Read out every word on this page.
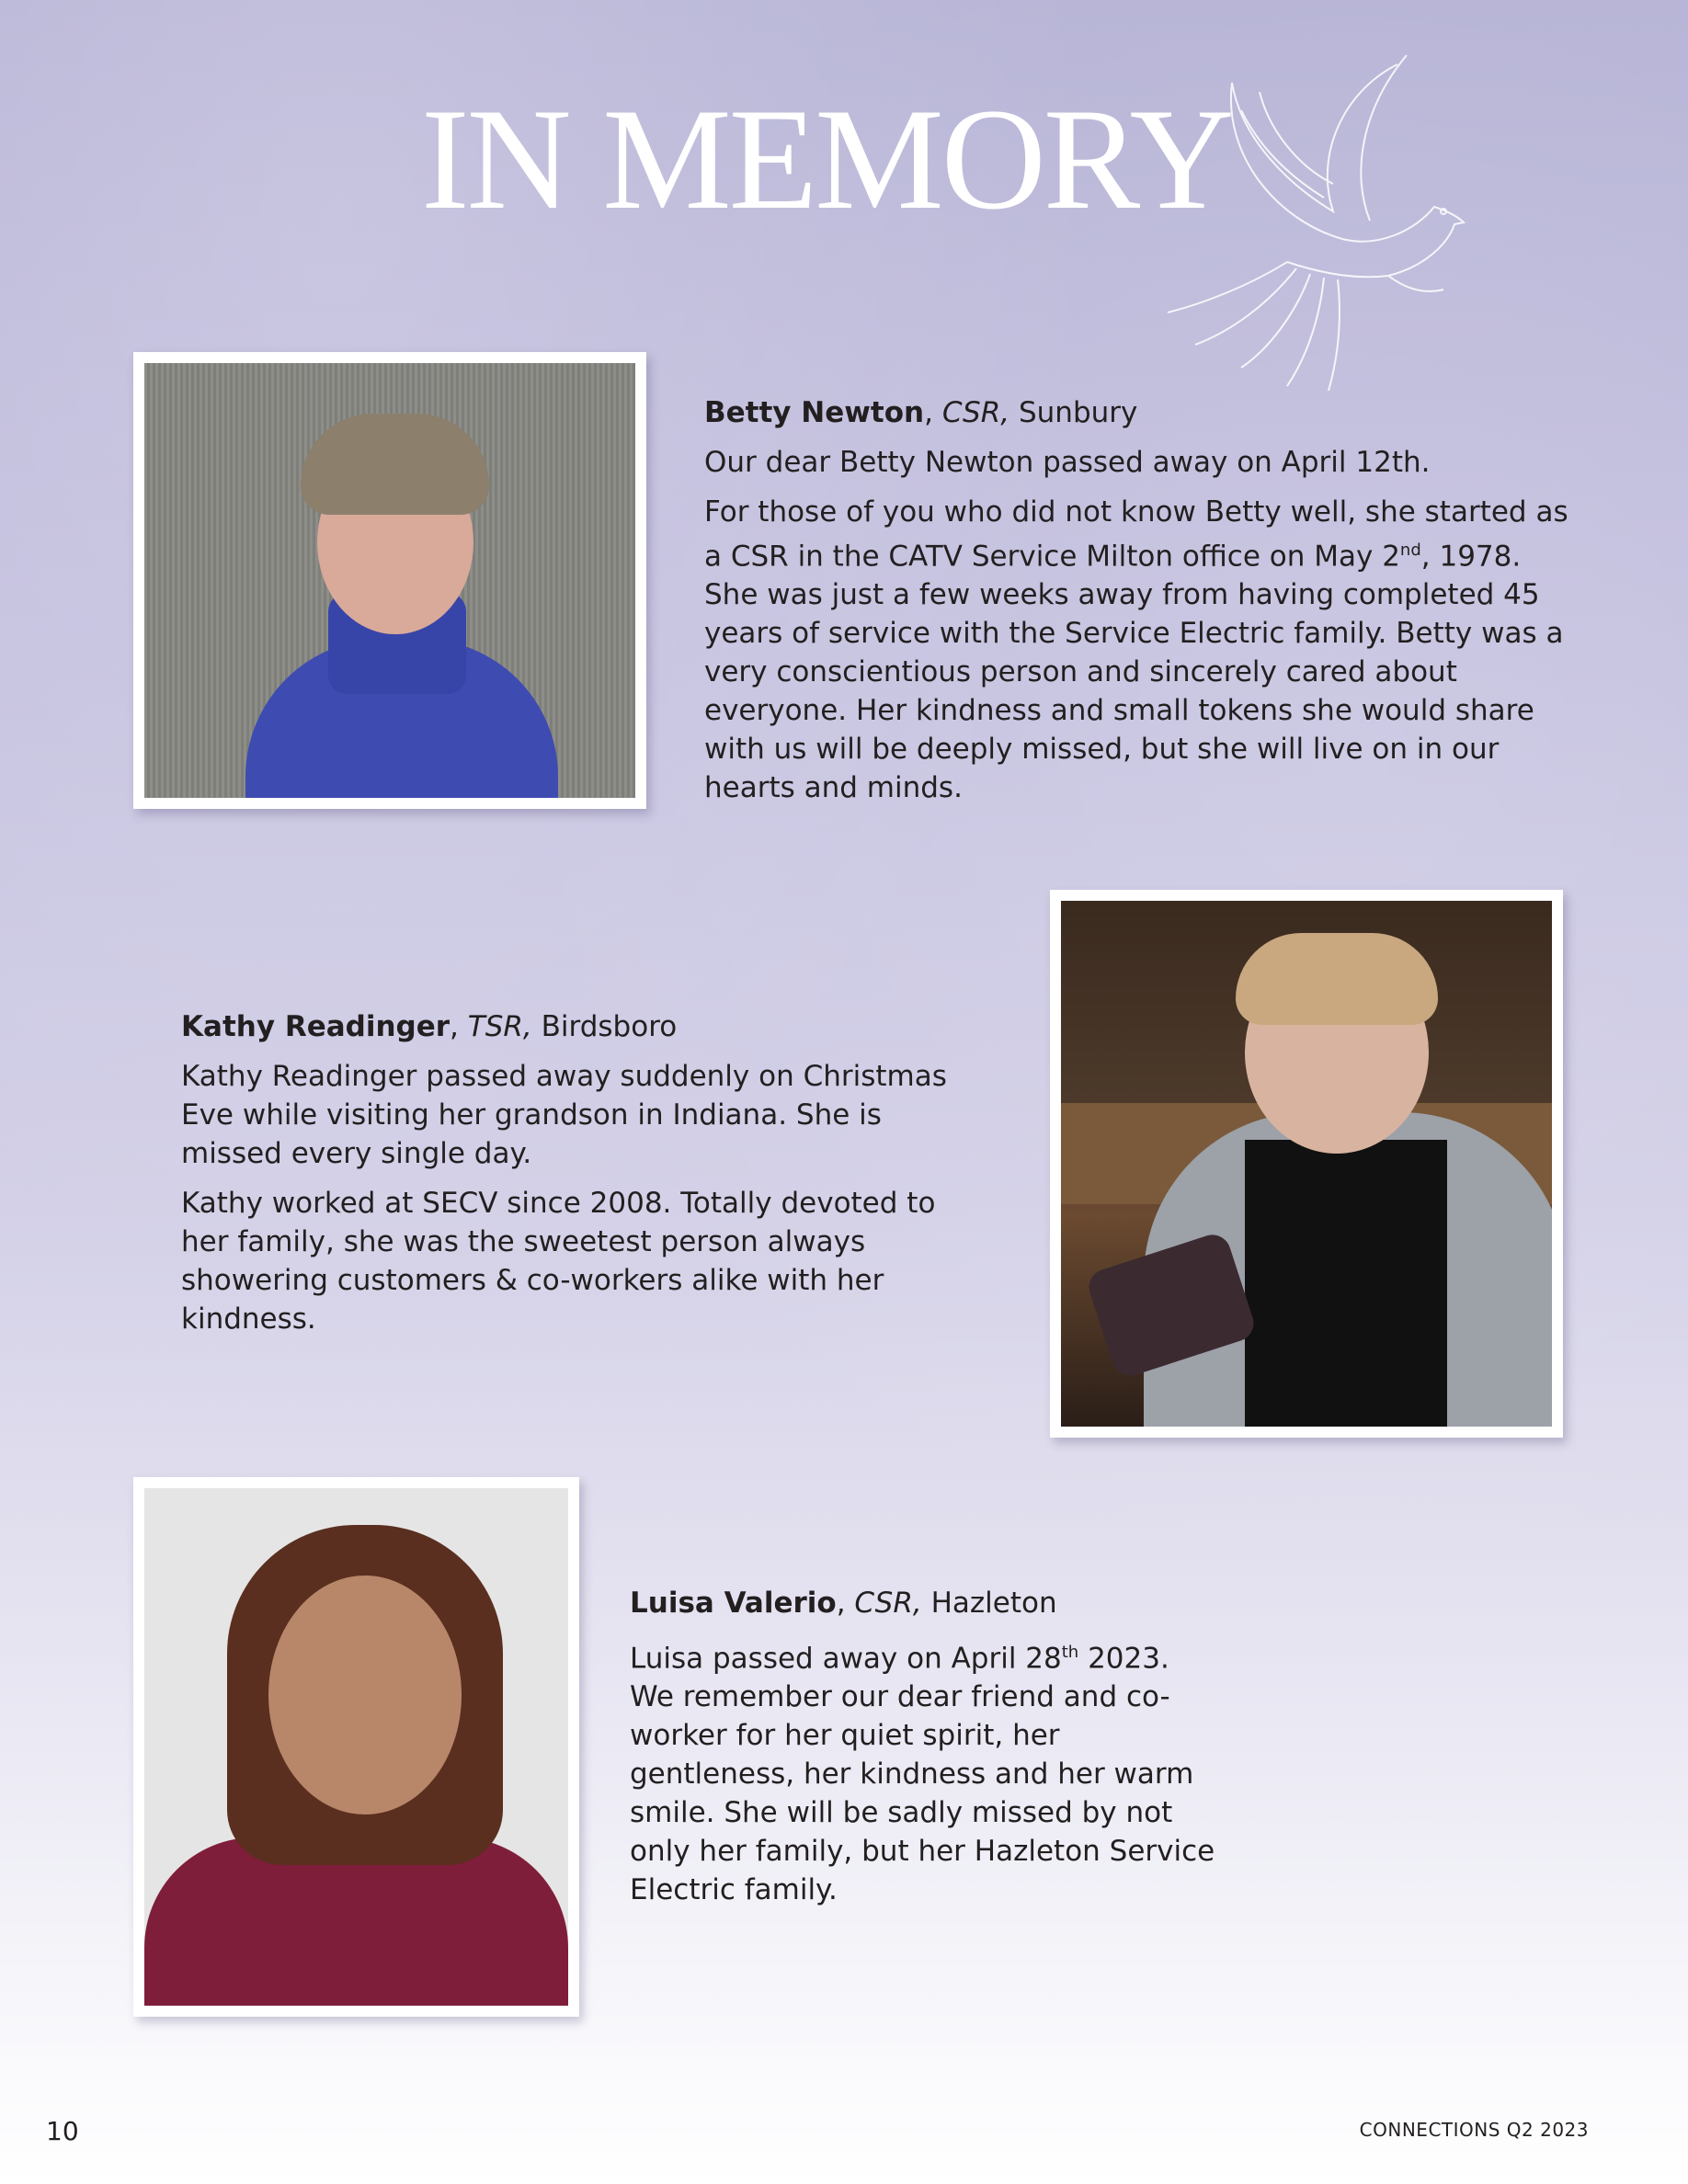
IN MEMORY

Betty Newton, CSR, Sunbury

Our dear Betty Newton passed away on April 12th.

For those of you who did not know Betty well, she started as a CSR in the CATV Service Milton office on May 2nd, 1978. She was just a few weeks away from having completed 45 years of service with the Service Electric family. Betty was a very conscientious person and sincerely cared about everyone. Her kindness and small tokens she would share with us will be deeply missed, but she will live on in our hearts and minds.

Kathy Readinger, TSR, Birdsboro

Kathy Readinger passed away suddenly on Christmas Eve while visiting her grandson in Indiana. She is missed every single day.

Kathy worked at SECV since 2008. Totally devoted to her family, she was the sweetest person always showering customers & co-workers alike with her kindness.

Luisa Valerio, CSR, Hazleton

Luisa passed away on April 28th 2023. We remember our dear friend and co-worker for her quiet spirit, her gentleness, her kindness and her warm smile. She will be sadly missed by not only her family, but her Hazleton Service Electric family.

10	CONNECTIONS Q2 2023
